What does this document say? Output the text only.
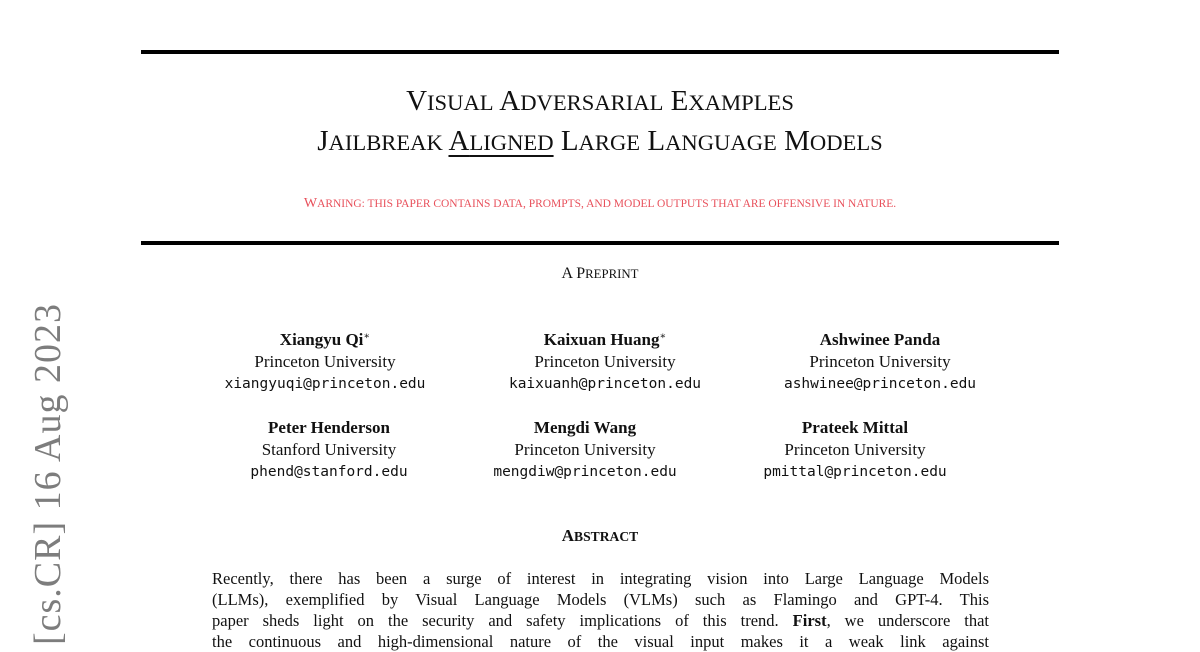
[cs.CR] 16 Aug 2023
VISUAL ADVERSARIAL EXAMPLES
JAILBREAK ALIGNED LARGE LANGUAGE MODELS
WARNING: THIS PAPER CONTAINS DATA, PROMPTS, AND MODEL OUTPUTS THAT ARE OFFENSIVE IN NATURE.
A PREPRINT
Xiangyu Qi∗
Princeton University
xiangyuqi@princeton.edu
Kaixuan Huang∗
Princeton University
kaixuanh@princeton.edu
Ashwinee Panda
Princeton University
ashwinee@princeton.edu
Peter Henderson
Stanford University
phend@stanford.edu
Mengdi Wang
Princeton University
mengdiw@princeton.edu
Prateek Mittal
Princeton University
pmittal@princeton.edu
ABSTRACT
Recently, there has been a surge of interest in integrating vision into Large Language Models
(LLMs), exemplified by Visual Language Models (VLMs) such as Flamingo and GPT-4. This
paper sheds light on the security and safety implications of this trend. First, we underscore that
the continuous and high-dimensional nature of the visual input makes it a weak link against
